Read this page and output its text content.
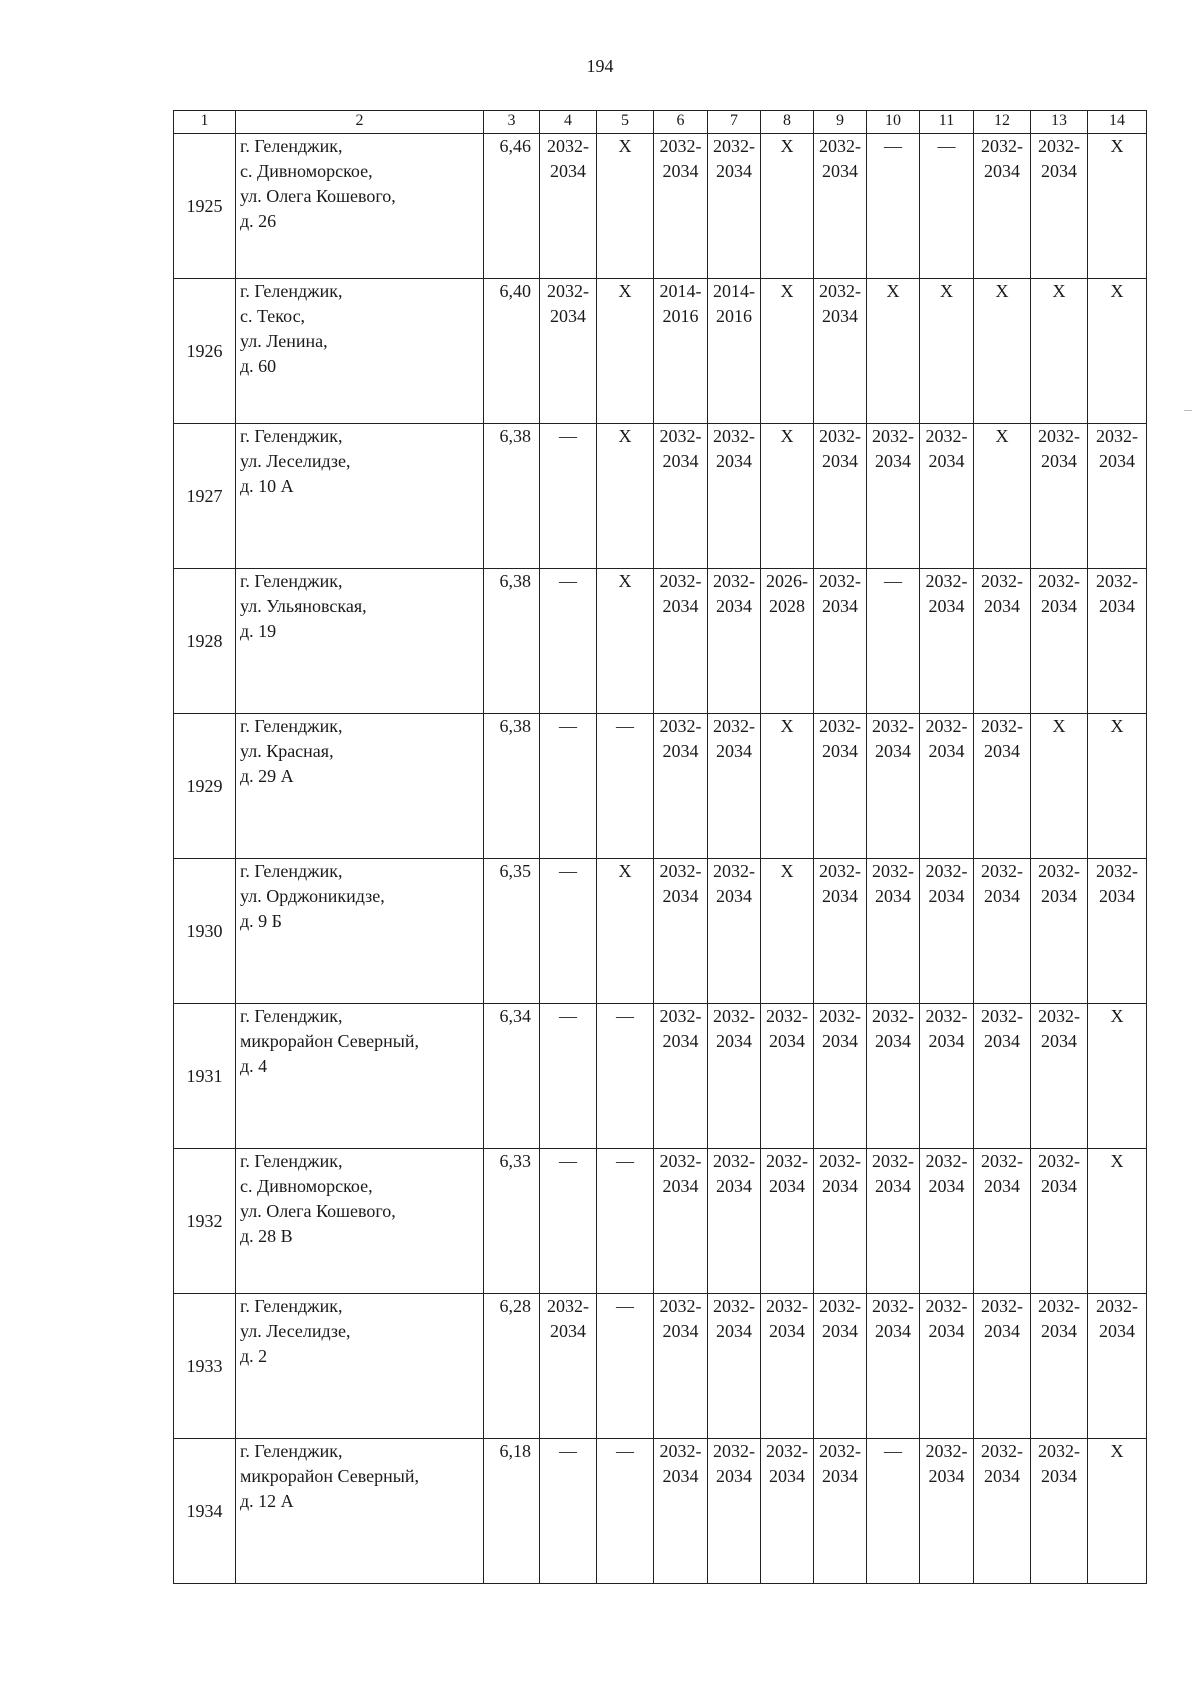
194
1	2	3	4	5	6	7	8	9	10	11	12	13	14
1925	г. Геленджик,
с. Дивноморское,
ул. Олега Кошевого,
д. 26	6,46	2032-
2034	X	2032-
2034	2032-
2034	X	2032-
2034	—	—	2032-
2034	2032-
2034	X
1926	г. Геленджик,
с. Текос,
ул. Ленина,
д. 60	6,40	2032-
2034	X	2014-
2016	2014-
2016	X	2032-
2034	X	X	X	X	X
1927	г. Геленджик,
ул. Леселидзе,
д. 10 А	6,38	—	X	2032-
2034	2032-
2034	X	2032-
2034	2032-
2034	2032-
2034	X	2032-
2034	2032-
2034

1928	г. Геленджик,
ул. Ульяновская,
д. 19	6,38	—	X	2032-
2034	2032-
2034	2026-
2028	2032-
2034	—	2032-
2034	2032-
2034	2032-
2034	2032-
2034

1929	г. Геленджик,
ул. Красная,
д. 29 А	6,38	—	—	2032-
2034	2032-
2034	X	2032-
2034	2032-
2034	2032-
2034	2032-
2034	X	X
1930	г. Геленджик,
ул. Орджоникидзе,
д. 9 Б	6,35	—	X	2032-
2034	2032-
2034	X	2032-
2034	2032-
2034	2032-
2034	2032-
2034	2032-
2034	2032-
2034

1931	г. Геленджик,
микрорайон Северный,
д. 4	6,34	—	—	2032-
2034	2032-
2034	2032-
2034	2032-
2034	2032-
2034	2032-
2034	2032-
2034	2032-
2034	X
1932	г. Геленджик,
с. Дивноморское,
ул. Олега Кошевого,
д. 28 В	6,33	—	—	2032-
2034	2032-
2034	2032-
2034	2032-
2034	2032-
2034	2032-
2034	2032-
2034	2032-
2034	X
1933	г. Геленджик,
ул. Леселидзе,
д. 2	6,28	2032-
2034	—	2032-
2034	2032-
2034	2032-
2034	2032-
2034	2032-
2034	2032-
2034	2032-
2034	2032-
2034	2032-
2034

1934	г. Геленджик,
микрорайон Северный,
д. 12 А	6,18	—	—	2032-
2034	2032-
2034	2032-
2034	2032-
2034	—	2032-
2034	2032-
2034	2032-
2034	X
